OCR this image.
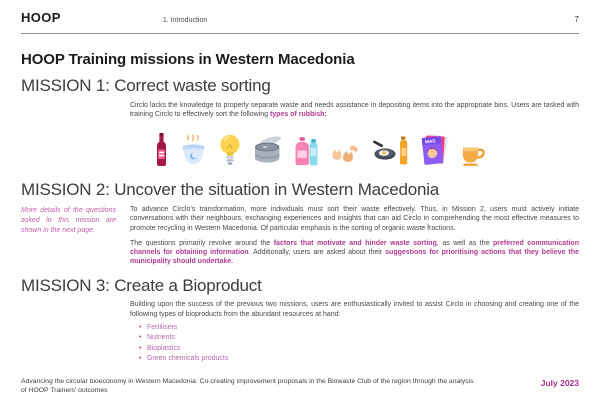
HOOP	1. Introduction	7
HOOP Training missions in Western Macedonia
MISSION 1: Correct waste sorting

Circlo lacks the knowledge to properly separate waste and needs assistance in depositing items into the appropriate bins. Users are tasked with training Circlo to effectively sort the following types of rubbish:

MAG
MISSION 2: Uncover the situation in Western Macedonia

More details of the questions asked in this mission are shown in the next page.

To advance Circlo's transformation, more individuals must sort their waste effectively. Thus, in Mission 2, users must actively initiate conversations with their neighbours, exchanging experiences and insights that can aid Circlo in comprehending the most effective measures to promote recycling in Western Macedonia. Of particular emphasis is the sorting of organic waste fractions.

The questions primarily revolve around the factors that motivate and hinder waste sorting, as well as the preferred communication channels for obtaining information. Additionally, users are asked about their suggestions for prioritising actions that they believe the municipality should undertake.

MISSION 3: Create a Bioproduct

Building upon the success of the previous two missions, users are enthusiastically invited to assist Circlo in choosing and creating one of the following types of bioproducts from the abundant resources at hand:

• Fertilisers
• Nutrients
• Bioplastics
• Green chemicals products
Advancing the circular bioeconomy in Western Macedonia: Co-creating improvement proposals in the Biowaste Club of the region through the analysis of HOOP Trainers' outcomes
July 2023
